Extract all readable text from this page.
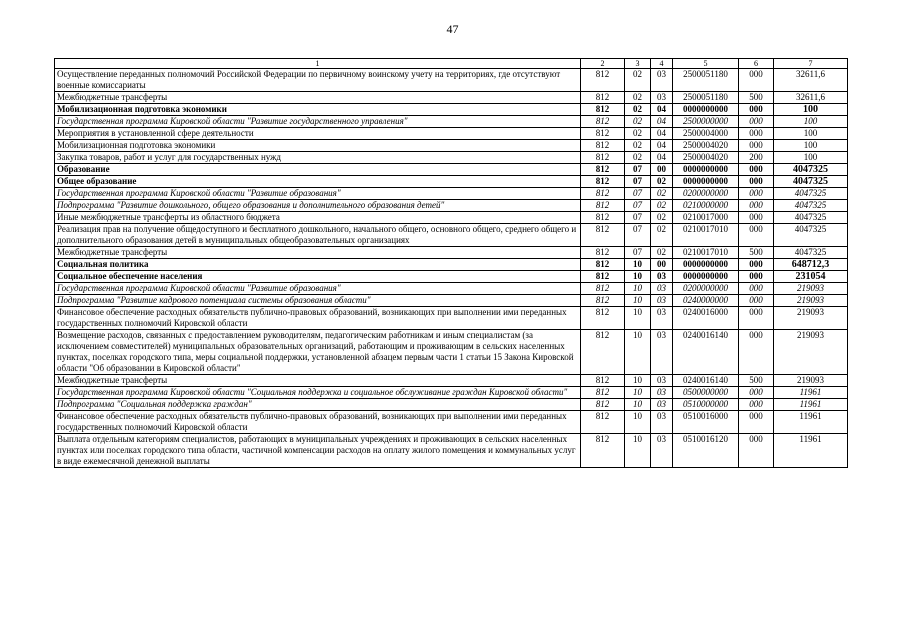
47
1	2	3	4	5	6	7
Осуществление переданных полномочий Российской Федерации по первичному воинскому учету на территориях, где отсутствуют военные комиссариаты	812	02	03	2500051180	000	32611,6
Межбюджетные трансферты	812	02	03	2500051180	500	32611,6
Мобилизационная подготовка экономики	812	02	04	0000000000	000	100
Государственная программа Кировской области "Развитие государственного управления"	812	02	04	2500000000	000	100
Мероприятия в установленной сфере деятельности	812	02	04	2500004000	000	100
Мобилизационная подготовка экономики	812	02	04	2500004020	000	100
Закупка товаров, работ и услуг для государственных нужд	812	02	04	2500004020	200	100
Образование	812	07	00	0000000000	000	4047325
Общее образование	812	07	02	0000000000	000	4047325
Государственная программа Кировской области "Развитие образования"	812	07	02	0200000000	000	4047325
Подпрограмма "Развитие дошкольного, общего образования и дополнительного образования детей"	812	07	02	0210000000	000	4047325
Иные межбюджетные трансферты из областного бюджета	812	07	02	0210017000	000	4047325
Реализация прав на получение общедоступного и бесплатного дошкольного, начального общего, основного общего, среднего общего и дополнительного образования детей в муниципальных общеобразовательных организациях	812	07	02	0210017010	000	4047325
Межбюджетные трансферты	812	07	02	0210017010	500	4047325
Социальная политика	812	10	00	0000000000	000	648712,3
Социальное обеспечение населения	812	10	03	0000000000	000	231054
Государственная программа Кировской области "Развитие образования"	812	10	03	0200000000	000	219093
Подпрограмма "Развитие кадрового потенциала системы образования области"	812	10	03	0240000000	000	219093
Финансовое обеспечение расходных обязательств публично-правовых образований, возникающих при выполнении ими переданных государственных полномочий Кировской области	812	10	03	0240016000	000	219093
Возмещение расходов, связанных с предоставлением руководителям, педагогическим работникам и иным специалистам (за исключением совместителей) муниципальных образовательных организаций, работающим и проживающим в сельских населенных пунктах, поселках городского типа, меры социальной поддержки, установленной абзацем первым части 1 статьи 15 Закона Кировской области "Об образовании в Кировской области"	812	10	03	0240016140	000	219093
Межбюджетные трансферты	812	10	03	0240016140	500	219093
Государственная программа Кировской области "Социальная поддержка и социальное обслуживание граждан Кировской области"	812	10	03	0500000000	000	11961
Подпрограмма "Социальная поддержка граждан"	812	10	03	0510000000	000	11961
Финансовое обеспечение расходных обязательств публично-правовых образований, возникающих при выполнении ими переданных государственных полномочий Кировской области	812	10	03	0510016000	000	11961
Выплата отдельным категориям специалистов, работающих в муниципальных учреждениях и проживающих в сельских населенных пунктах или поселках городского типа области, частичной компенсации расходов на оплату жилого помещения и коммунальных услуг в виде ежемесячной денежной выплаты	812	10	03	0510016120	000	11961
